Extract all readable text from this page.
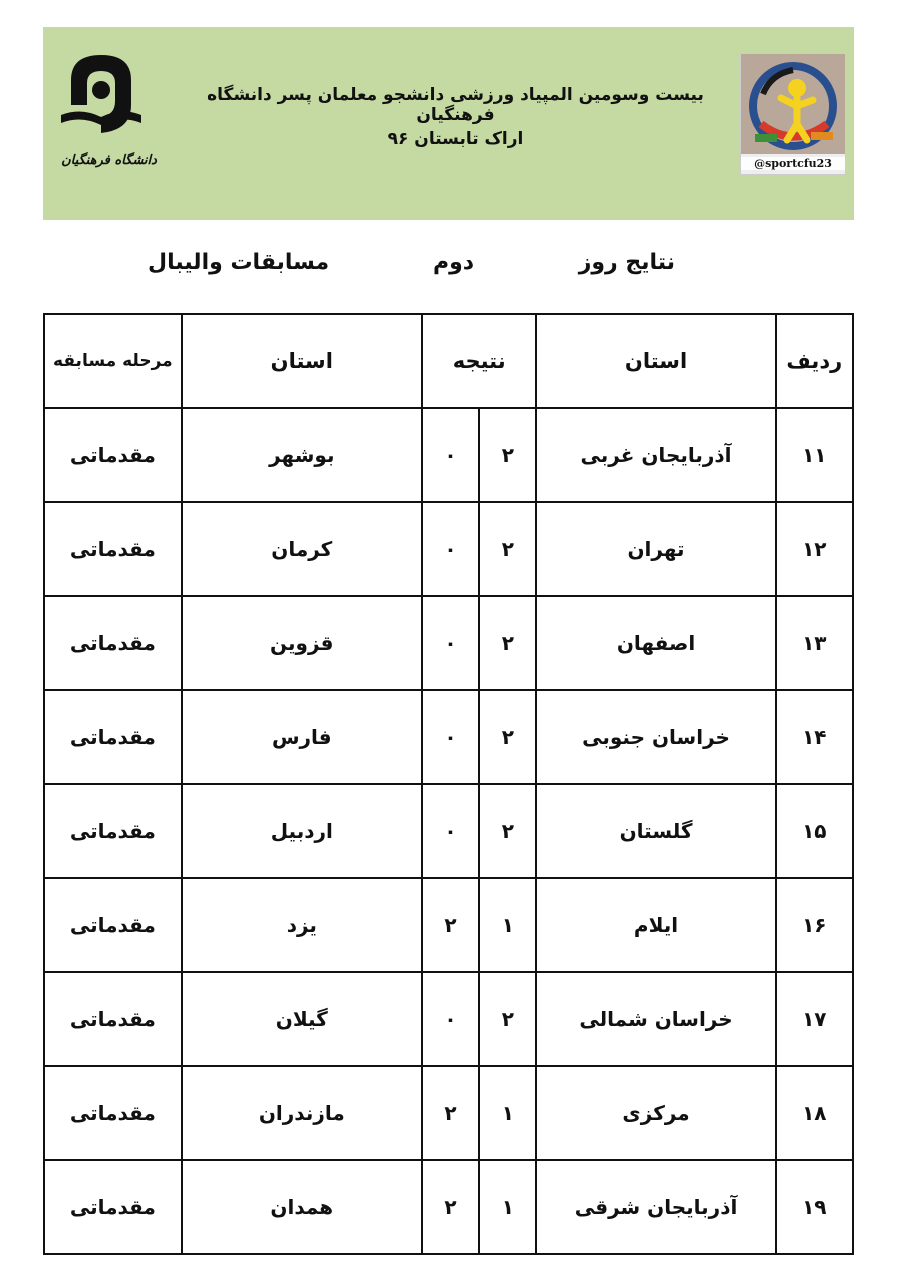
دانشگاه فرهنگیان
بیست وسومین المپیاد ورزشی دانشجو معلمان پسر دانشگاه فرهنگیان
اراک تابستان ۹۶
@sportcfu23
نتایج روز
دوم
مسابقات والیبال
ردیف	استان	نتیجه		استان	مرحله مسابقه
۱۱	آذربایجان غربی	۲	۰	بوشهر	مقدماتی
۱۲	تهران	۲	۰	کرمان	مقدماتی
۱۳	اصفهان	۲	۰	قزوین	مقدماتی
۱۴	خراسان جنوبی	۲	۰	فارس	مقدماتی
۱۵	گلستان	۲	۰	اردبیل	مقدماتی
۱۶	ایلام	۱	۲	یزد	مقدماتی
۱۷	خراسان شمالی	۲	۰	گیلان	مقدماتی
۱۸	مرکزی	۱	۲	مازندران	مقدماتی
۱۹	آذربایجان شرقی	۱	۲	همدان	مقدماتی
